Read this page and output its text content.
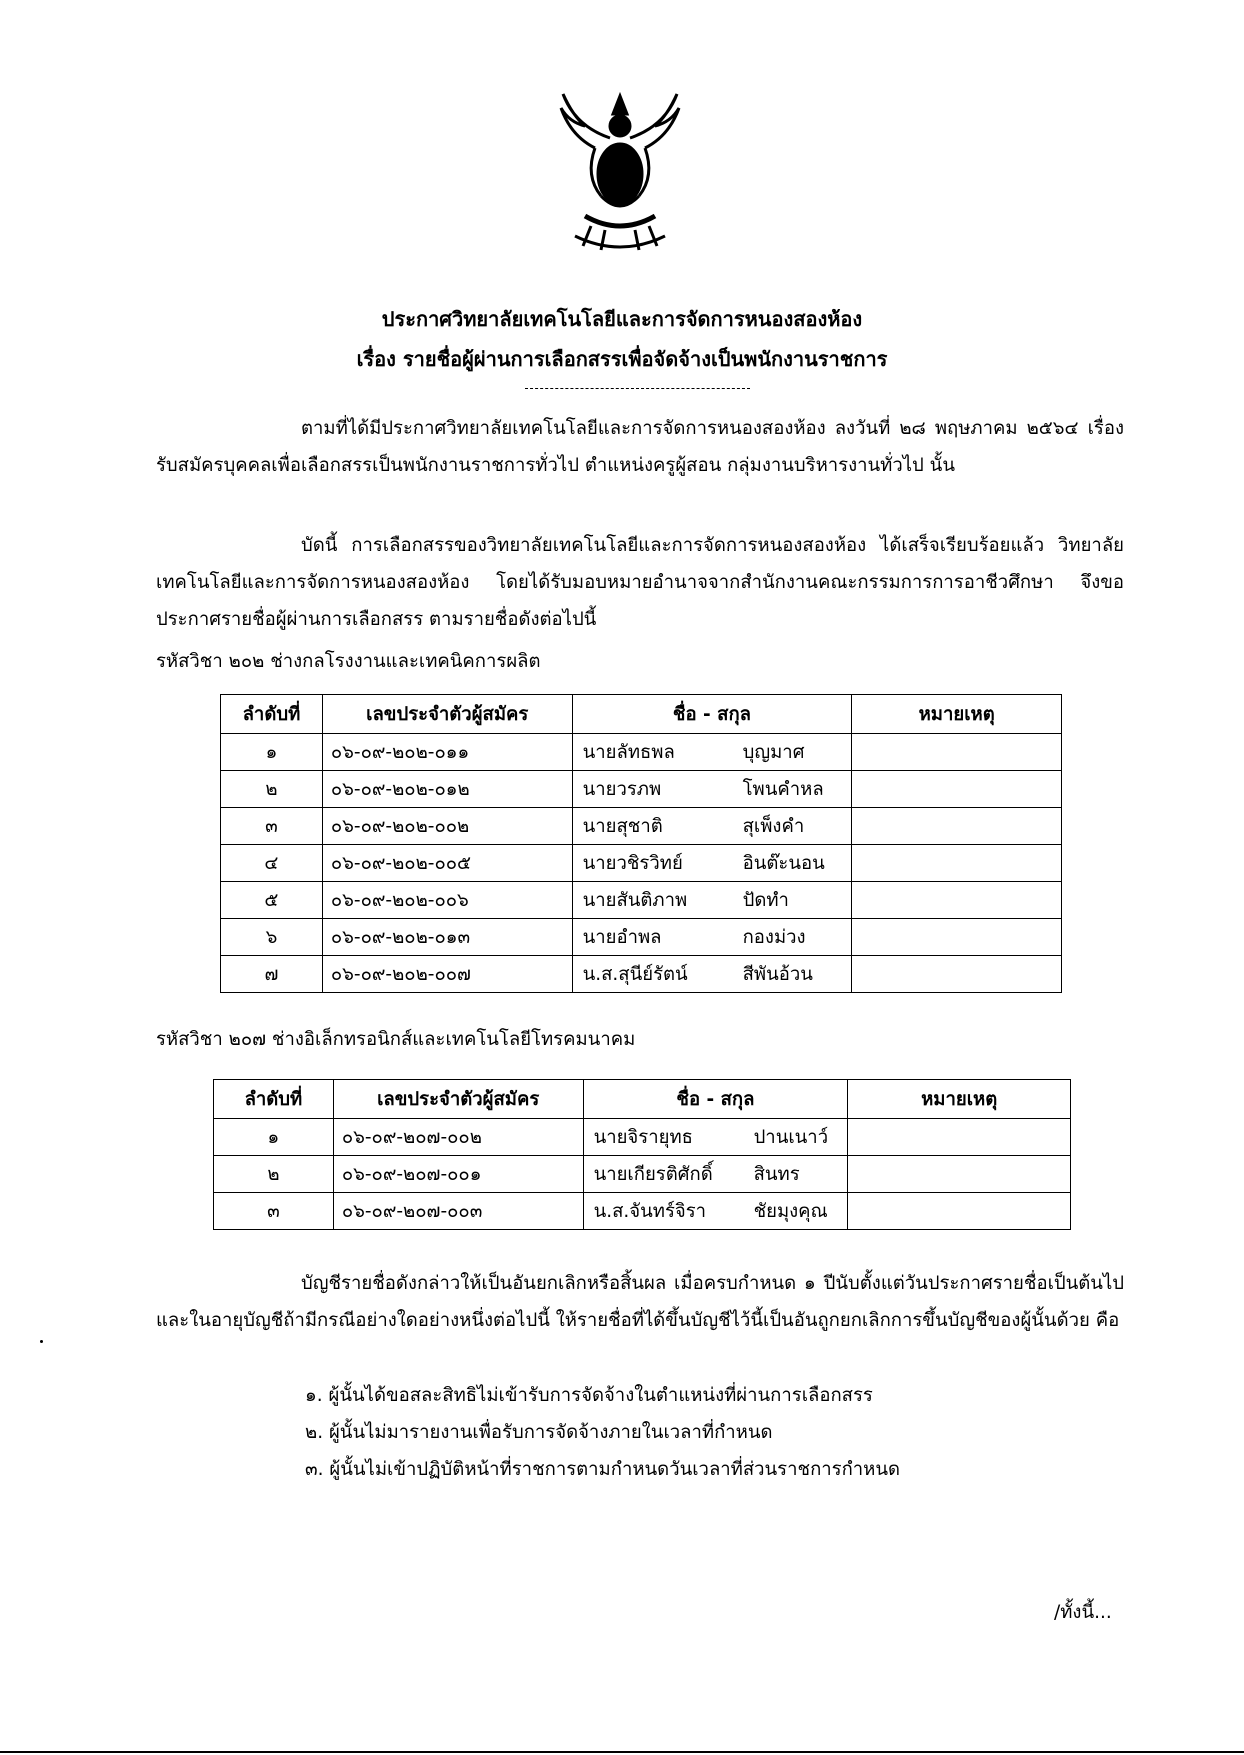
ประกาศวิทยาลัยเทคโนโลยีและการจัดการหนองสองห้อง
เรื่อง รายชื่อผู้ผ่านการเลือกสรรเพื่อจัดจ้างเป็นพนักงานราชการ
ตามที่ได้มีประกาศวิทยาลัยเทคโนโลยีและการจัดการหนองสองห้อง ลงวันที่ ๒๘ พฤษภาคม ๒๕๖๔ เรื่อง รับสมัครบุคคลเพื่อเลือกสรรเป็นพนักงานราชการทั่วไป ตำแหน่งครูผู้สอน กลุ่มงานบริหารงานทั่วไป นั้น
บัดนี้ การเลือกสรรของวิทยาลัยเทคโนโลยีและการจัดการหนองสองห้อง ได้เสร็จเรียบร้อยแล้ว วิทยาลัยเทคโนโลยีและการจัดการหนองสองห้อง โดยได้รับมอบหมายอำนาจจากสำนักงานคณะกรรมการการอาชีวศึกษา จึงขอประกาศรายชื่อผู้ผ่านการเลือกสรร ตามรายชื่อดังต่อไปนี้
รหัสวิชา ๒๐๒ ช่างกลโรงงานและเทคนิคการผลิต
ลำดับที่	เลขประจำตัวผู้สมัคร	ชื่อ - สกุล	หมายเหตุ
๑	๐๖-๐๙-๒๐๒-๐๑๑	นายลัทธพล บุญมาศ	
๒	๐๖-๐๙-๒๐๒-๐๑๒	นายวรภพ โพนคำหล	
๓	๐๖-๐๙-๒๐๒-๐๐๒	นายสุชาติ สุเพ็งคำ	
๔	๐๖-๐๙-๒๐๒-๐๐๕	นายวชิรวิทย์ อินต๊ะนอน	
๕	๐๖-๐๙-๒๐๒-๐๐๖	นายสันติภาพ ปัดทำ	
๖	๐๖-๐๙-๒๐๒-๐๑๓	นายอำพล กองม่วง	
๗	๐๖-๐๙-๒๐๒-๐๐๗	น.ส.สุนีย์รัตน์ สีพันอ้วน	
รหัสวิชา ๒๐๗ ช่างอิเล็กทรอนิกส์และเทคโนโลยีโทรคมนาคม
ลำดับที่	เลขประจำตัวผู้สมัคร	ชื่อ - สกุล	หมายเหตุ
๑	๐๖-๐๙-๒๐๗-๐๐๒	นายจิรายุทธ ปานเนาว์	
๒	๐๖-๐๙-๒๐๗-๐๐๑	นายเกียรติศักดิ์ สินทร	
๓	๐๖-๐๙-๒๐๗-๐๐๓	น.ส.จันทร์จิรา ชัยมุงคุณ	
บัญชีรายชื่อดังกล่าวให้เป็นอันยกเลิกหรือสิ้นผล เมื่อครบกำหนด ๑ ปีนับตั้งแต่วันประกาศรายชื่อเป็นต้นไป และในอายุบัญชีถ้ามีกรณีอย่างใดอย่างหนึ่งต่อไปนี้ ให้รายชื่อที่ได้ขึ้นบัญชีไว้นี้เป็นอันถูกยกเลิกการขึ้นบัญชีของผู้นั้นด้วย คือ
๑. ผู้นั้นได้ขอสละสิทธิไม่เข้ารับการจัดจ้างในตำแหน่งที่ผ่านการเลือกสรร
๒. ผู้นั้นไม่มารายงานเพื่อรับการจัดจ้างภายในเวลาที่กำหนด
๓. ผู้นั้นไม่เข้าปฏิบัติหน้าที่ราชการตามกำหนดวันเวลาที่ส่วนราชการกำหนด
/ทั้งนี้...
